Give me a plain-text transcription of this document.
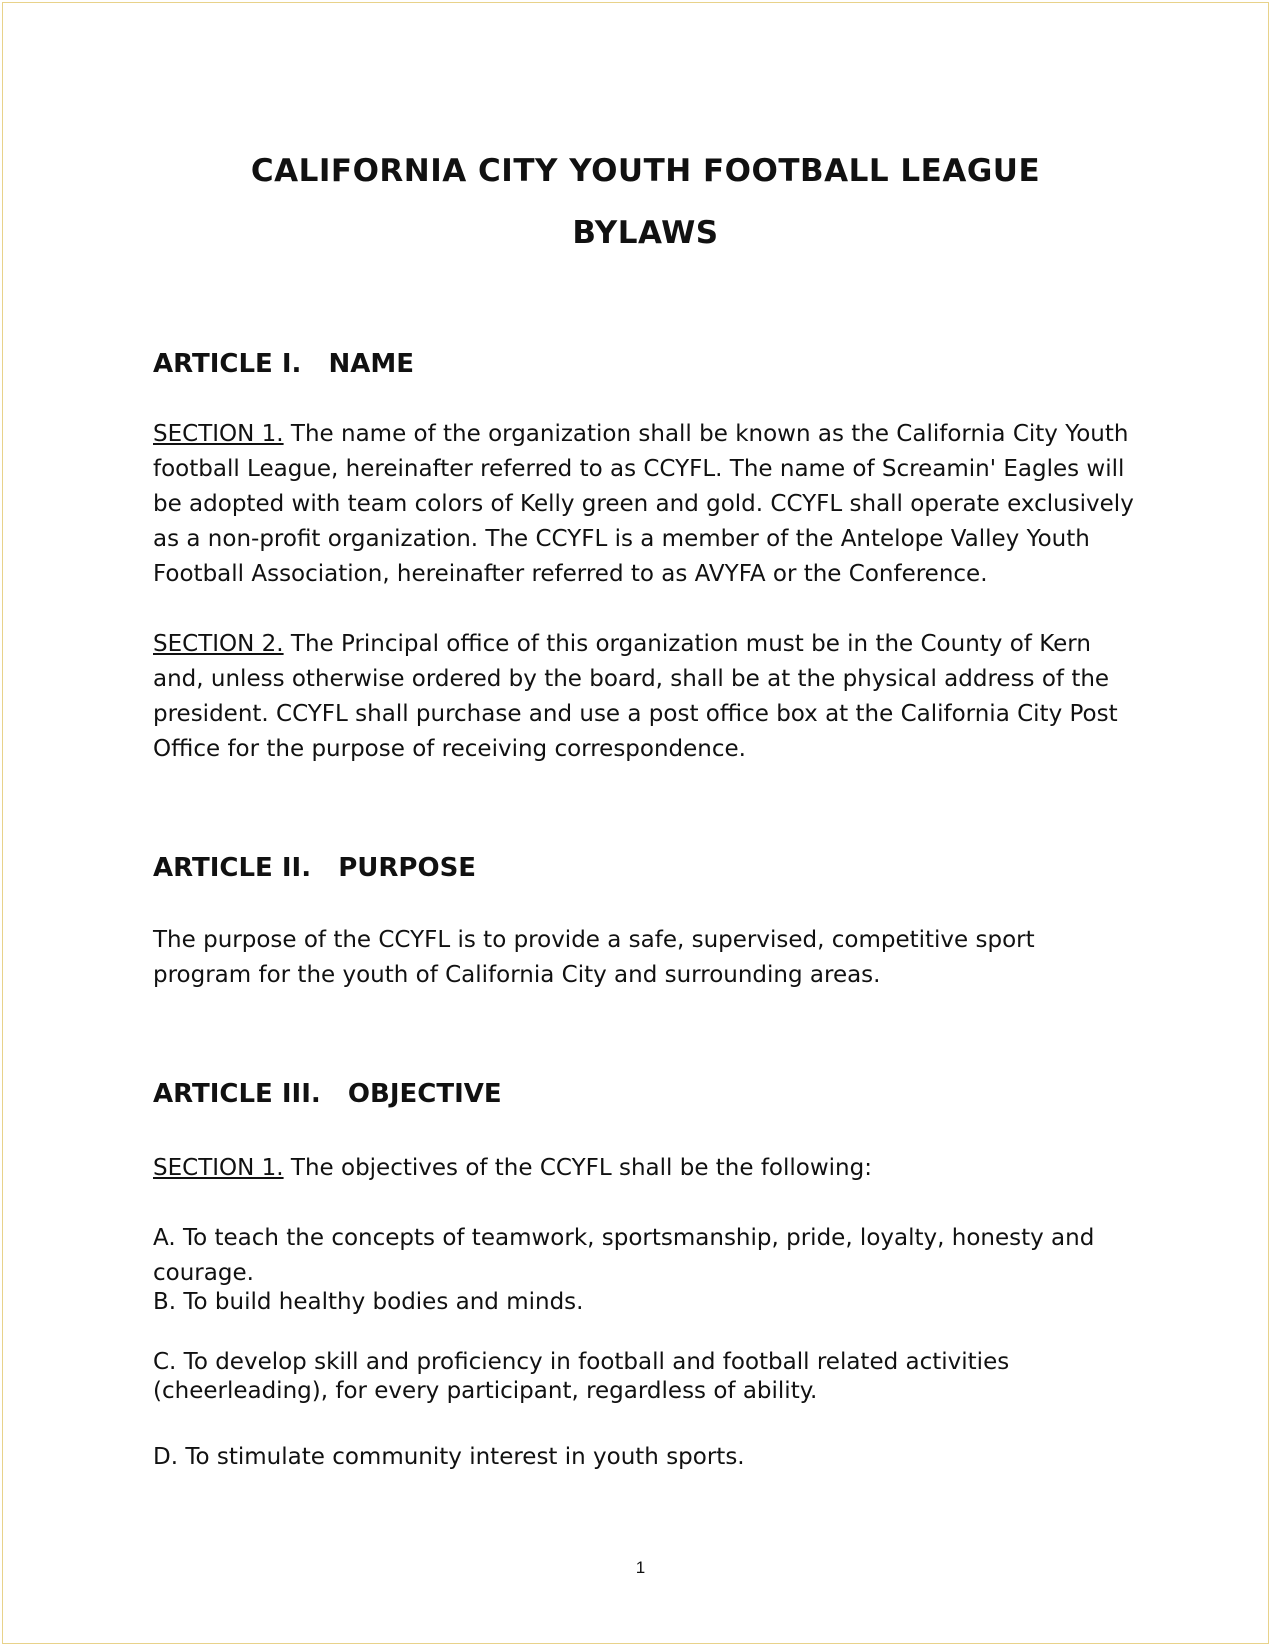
CALIFORNIA CITY YOUTH FOOTBALL LEAGUE
BYLAWS
ARTICLE I.   NAME

SECTION 1. The name of the organization shall be known as the California City Youth football League, hereinafter referred to as CCYFL. The name of Screamin' Eagles will be adopted with team colors of Kelly green and gold. CCYFL shall operate exclusively as a non-profit organization. The CCYFL is a member of the Antelope Valley Youth Football Association, hereinafter referred to as AVYFA or the Conference.

SECTION 2. The Principal office of this organization must be in the County of Kern and, unless otherwise ordered by the board, shall be at the physical address of the president. CCYFL shall purchase and use a post office box at the California City Post Office for the purpose of receiving correspondence.

ARTICLE II.   PURPOSE

The purpose of the CCYFL is to provide a safe, supervised, competitive sport program for the youth of California City and surrounding areas.

ARTICLE III.   OBJECTIVE

SECTION 1. The objectives of the CCYFL shall be the following:

A. To teach the concepts of teamwork, sportsmanship, pride, loyalty, honesty and courage.

B. To build healthy bodies and minds.

C. To develop skill and proficiency in football and football related activities (cheerleading), for every participant, regardless of ability.

D. To stimulate community interest in youth sports.

1
